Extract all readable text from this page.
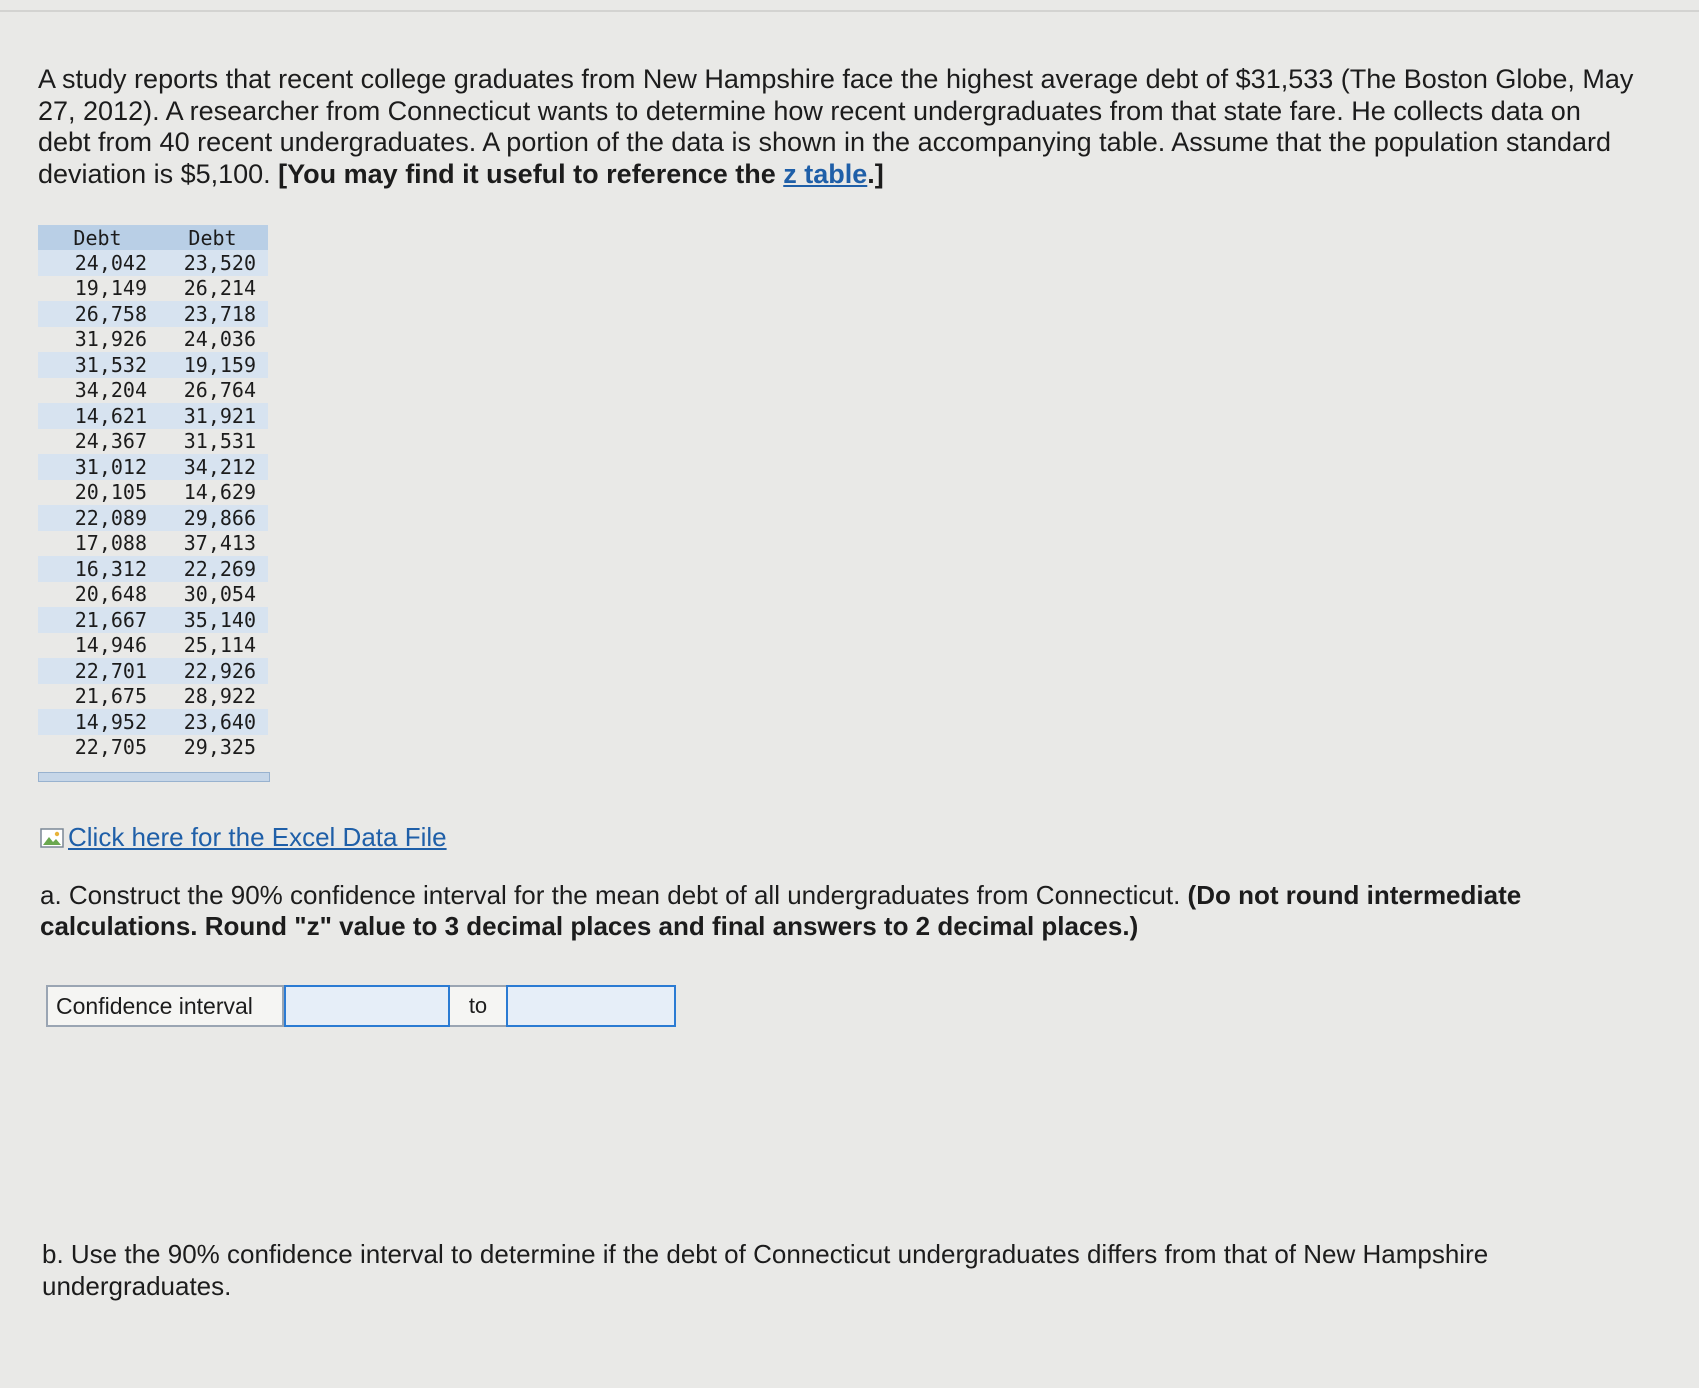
A study reports that recent college graduates from New Hampshire face the highest average debt of $31,533 (The Boston Globe, May 27, 2012). A researcher from Connecticut wants to determine how recent undergraduates from that state fare. He collects data on debt from 40 recent undergraduates. A portion of the data is shown in the accompanying table. Assume that the population standard deviation is $5,100. [You may find it useful to reference the z table.]
Debt	Debt
24,042	23,520
19,149	26,214
26,758	23,718
31,926	24,036
31,532	19,159
34,204	26,764
14,621	31,921
24,367	31,531
31,012	34,212
20,105	14,629
22,089	29,866
17,088	37,413
16,312	22,269
20,648	30,054
21,667	35,140
14,946	25,114
22,701	22,926
21,675	28,922
14,952	23,640
22,705	29,325
Click here for the Excel Data File
a. Construct the 90% confidence interval for the mean debt of all undergraduates from Connecticut. (Do not round intermediate calculations. Round "z" value to 3 decimal places and final answers to 2 decimal places.)
Confidence interval	to
b. Use the 90% confidence interval to determine if the debt of Connecticut undergraduates differs from that of New Hampshire undergraduates.
